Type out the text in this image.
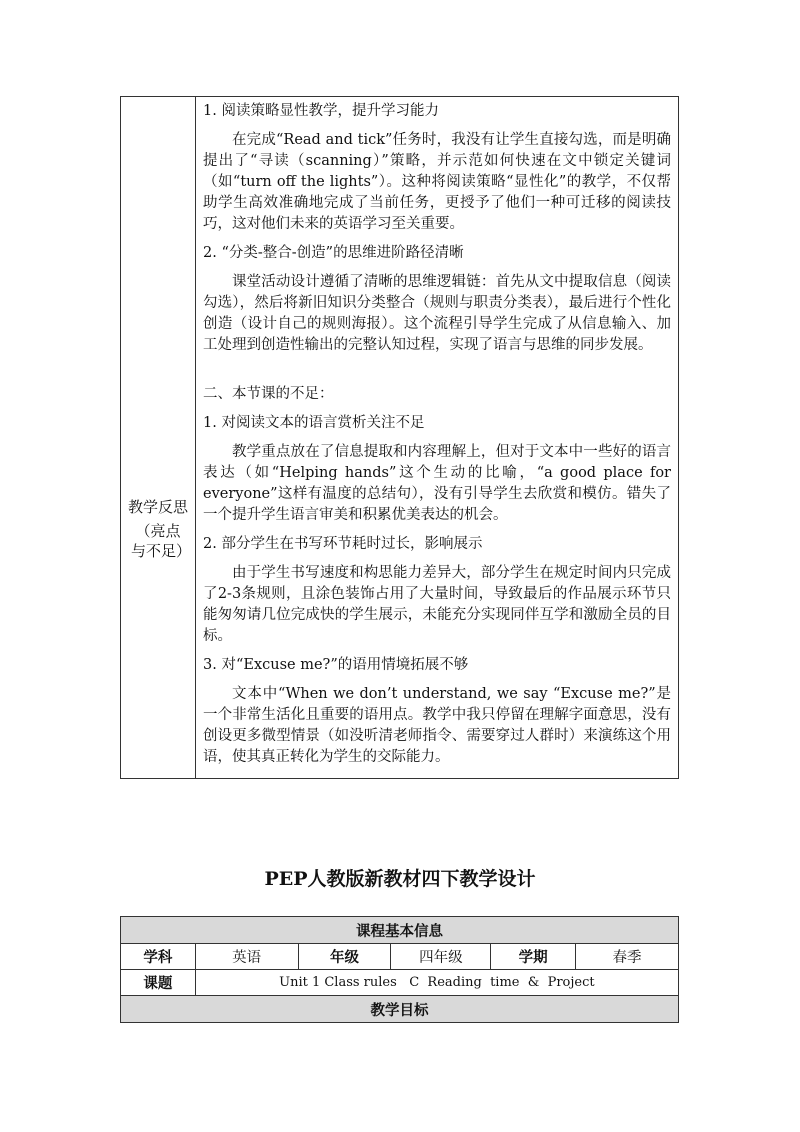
教学反思
（亮点与不足）

1. 阅读策略显性教学，提升学习能力

在完成“Read and tick”任务时，我没有让学生直接勾选，而是明确提出了“寻读（scanning）”策略，并示范如何快速在文中锁定关键词（如“turn off the lights”）。这种将阅读策略“显性化”的教学，不仅帮助学生高效准确地完成了当前任务，更授予了他们一种可迁移的阅读技巧，这对他们未来的英语学习至关重要。

2. “分类-整合-创造”的思维进阶路径清晰

课堂活动设计遵循了清晰的思维逻辑链：首先从文中提取信息（阅读勾选），然后将新旧知识分类整合（规则与职责分类表），最后进行个性化创造（设计自己的规则海报）。这个流程引导学生完成了从信息输入、加工处理到创造性输出的完整认知过程，实现了语言与思维的同步发展。

二、本节课的不足：

1. 对阅读文本的语言赏析关注不足

教学重点放在了信息提取和内容理解上，但对于文本中一些好的语言表达（如“Helping hands”这个生动的比喻，“a good place for everyone”这样有温度的总结句），没有引导学生去欣赏和模仿。错失了一个提升学生语言审美和积累优美表达的机会。

2. 部分学生在书写环节耗时过长，影响展示

由于学生书写速度和构思能力差异大，部分学生在规定时间内只完成了2-3条规则，且涂色装饰占用了大量时间，导致最后的作品展示环节只能匆匆请几位完成快的学生展示，未能充分实现同伴互学和激励全员的目标。

3. 对“Excuse me?”的语用情境拓展不够

文本中“When we don’t understand, we say “Excuse me?”是一个非常生活化且重要的语用点。教学中我只停留在理解字面意思，没有创设更多微型情景（如没听清老师指令、需要穿过人群时）来演练这个用语，使其真正转化为学生的交际能力。

PEP人教版新教材四下教学设计
课程基本信息					
学科	英语	年级	四年级	学期	春季
课题	Unit 1 Class rules   C  Reading  time  &  Project				
教学目标					
